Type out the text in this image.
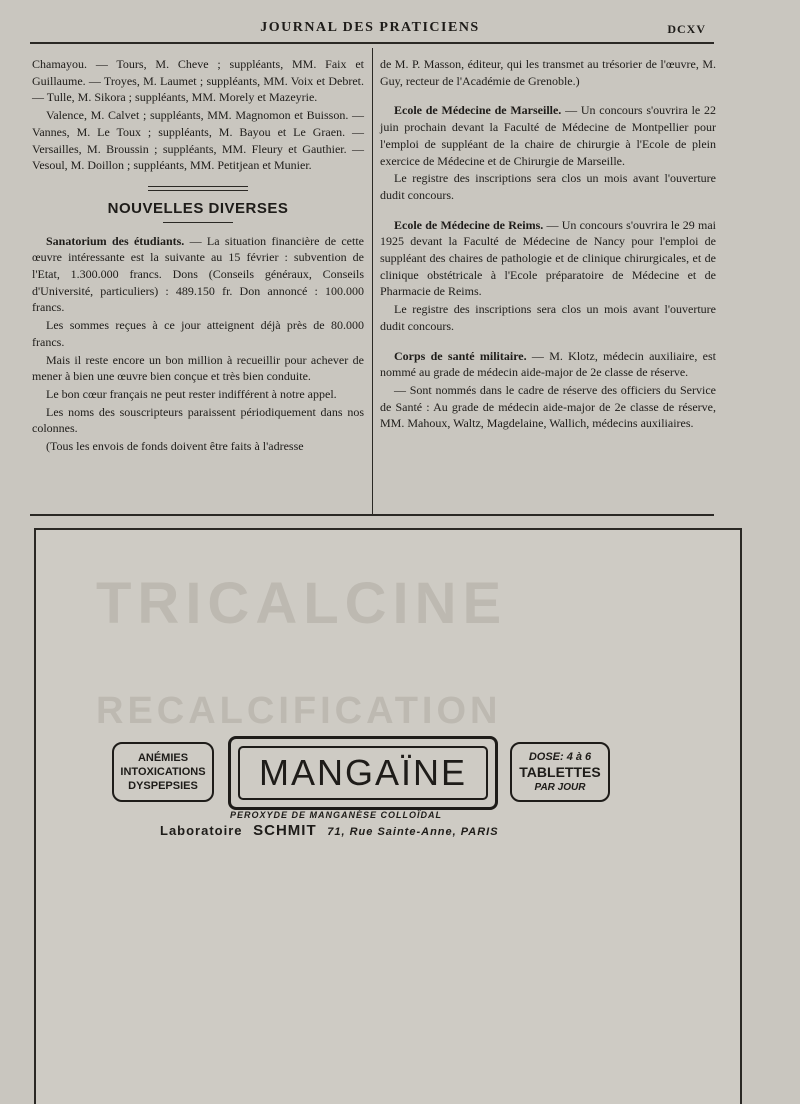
JOURNAL DES PRATICIENS	DCXV

Chamayou. — Tours, M. Cheve ; suppléants, MM. Faix et Guillaume. — Troyes, M. Laumet ; suppléants, MM. Voix et Debret. — Tulle, M. Sikora ; suppléants, MM. Morely et Mazeyrie.

Valence, M. Calvet ; suppléants, MM. Magnomon et Buisson. — Vannes, M. Le Toux ; suppléants, M. Bayou et Le Graen. — Versailles, M. Broussin ; suppléants, MM. Fleury et Gauthier. — Vesoul, M. Doillon ; suppléants, MM. Petitjean et Munier.

NOUVELLES DIVERSES

Sanatorium des étudiants. — La situation financière de cette œuvre intéressante est la suivante au 15 février : subvention de l'Etat, 1.300.000 francs. Dons (Conseils généraux, Conseils d'Université, particuliers) : 489.150 fr. Don annoncé : 100.000 francs.

Les sommes reçues à ce jour atteignent déjà près de 80.000 francs.

Mais il reste encore un bon million à recueillir pour achever de mener à bien une œuvre bien conçue et très bien conduite.

Le bon cœur français ne peut rester indifférent à notre appel.

Les noms des souscripteurs paraissent périodiquement dans nos colonnes.

(Tous les envois de fonds doivent être faits à l'adresse

de M. P. Masson, éditeur, qui les transmet au trésorier de l'œuvre, M. Guy, recteur de l'Académie de Grenoble.)

Ecole de Médecine de Marseille. — Un concours s'ouvrira le 22 juin prochain devant la Faculté de Médecine de Montpellier pour l'emploi de suppléant de la chaire de chirurgie à l'Ecole de plein exercice de Médecine et de Chirurgie de Marseille.

Le registre des inscriptions sera clos un mois avant l'ouverture dudit concours.

Ecole de Médecine de Reims. — Un concours s'ouvrira le 29 mai 1925 devant la Faculté de Médecine de Nancy pour l'emploi de suppléant des chaires de pathologie et de clinique chirurgicales, et de clinique obstétricale à l'Ecole préparatoire de Médecine et de Pharmacie de Reims.

Le registre des inscriptions sera clos un mois avant l'ouverture dudit concours.

Corps de santé militaire. — M. Klotz, médecin auxiliaire, est nommé au grade de médecin aide-major de 2e classe de réserve.

— Sont nommés dans le cadre de réserve des officiers du Service de Santé : Au grade de médecin aide-major de 2e classe de réserve, MM. Mahoux, Waltz, Magdelaine, Wallich, médecins auxiliaires.

TRICALCINE
RECALCIFICATION
ANÉMIES
INTOXICATIONS
DYSPEPSIES	MANGAÏNE	DOSE: 4 à 6
TABLETTES
PAR JOUR
PEROXYDE DE MANGANÈSE COLLOÏDAL
Laboratoire SCHMIT 71, Rue Sainte-Anne, PARIS
